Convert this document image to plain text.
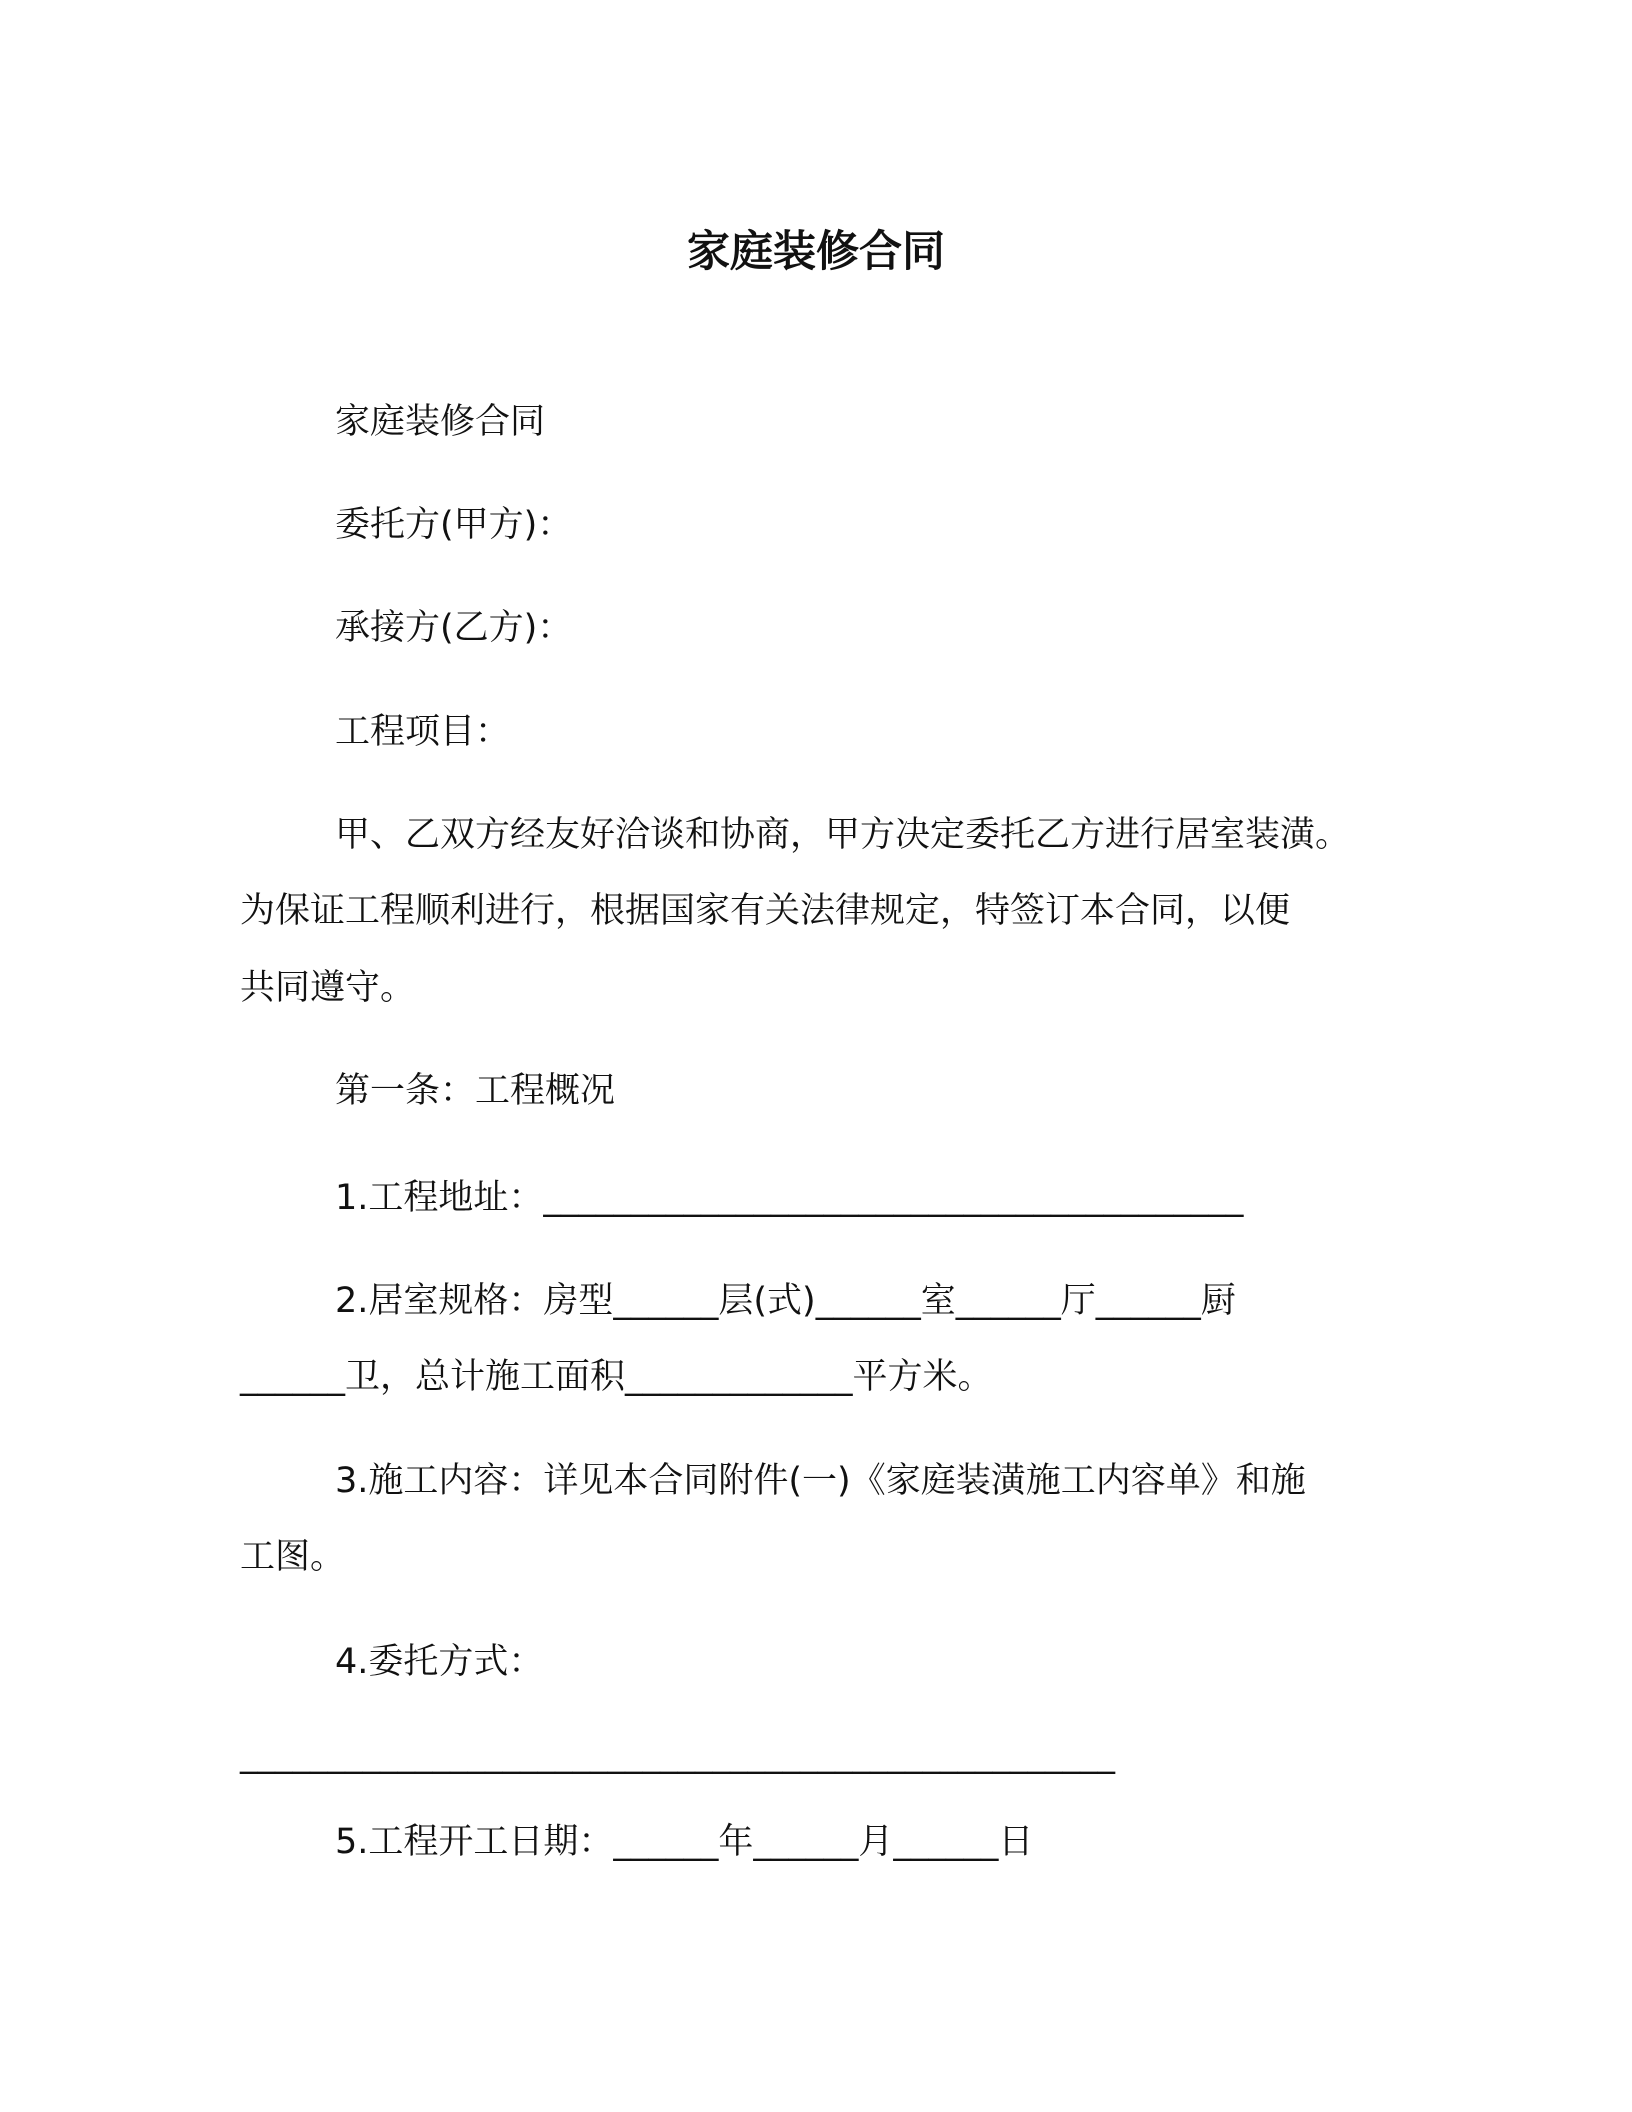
家庭装修合同
家庭装修合同
委托方(甲方)：
承接方(乙方)：
工程项目：
甲、乙双方经友好洽谈和协商，甲方决定委托乙方进行居室装潢。
为保证工程顺利进行，根据国家有关法律规定，特签订本合同，以便
共同遵守。
第一条：工程概况
1.工程地址：________________________________________
2.居室规格：房型______层(式)______室______厅______厨
______卫，总计施工面积_____________平方米。
3.施工内容：详见本合同附件(一)《家庭装潢施工内容单》和施
工图。
4.委托方式：
__________________________________________________
5.工程开工日期：______年______月______日
